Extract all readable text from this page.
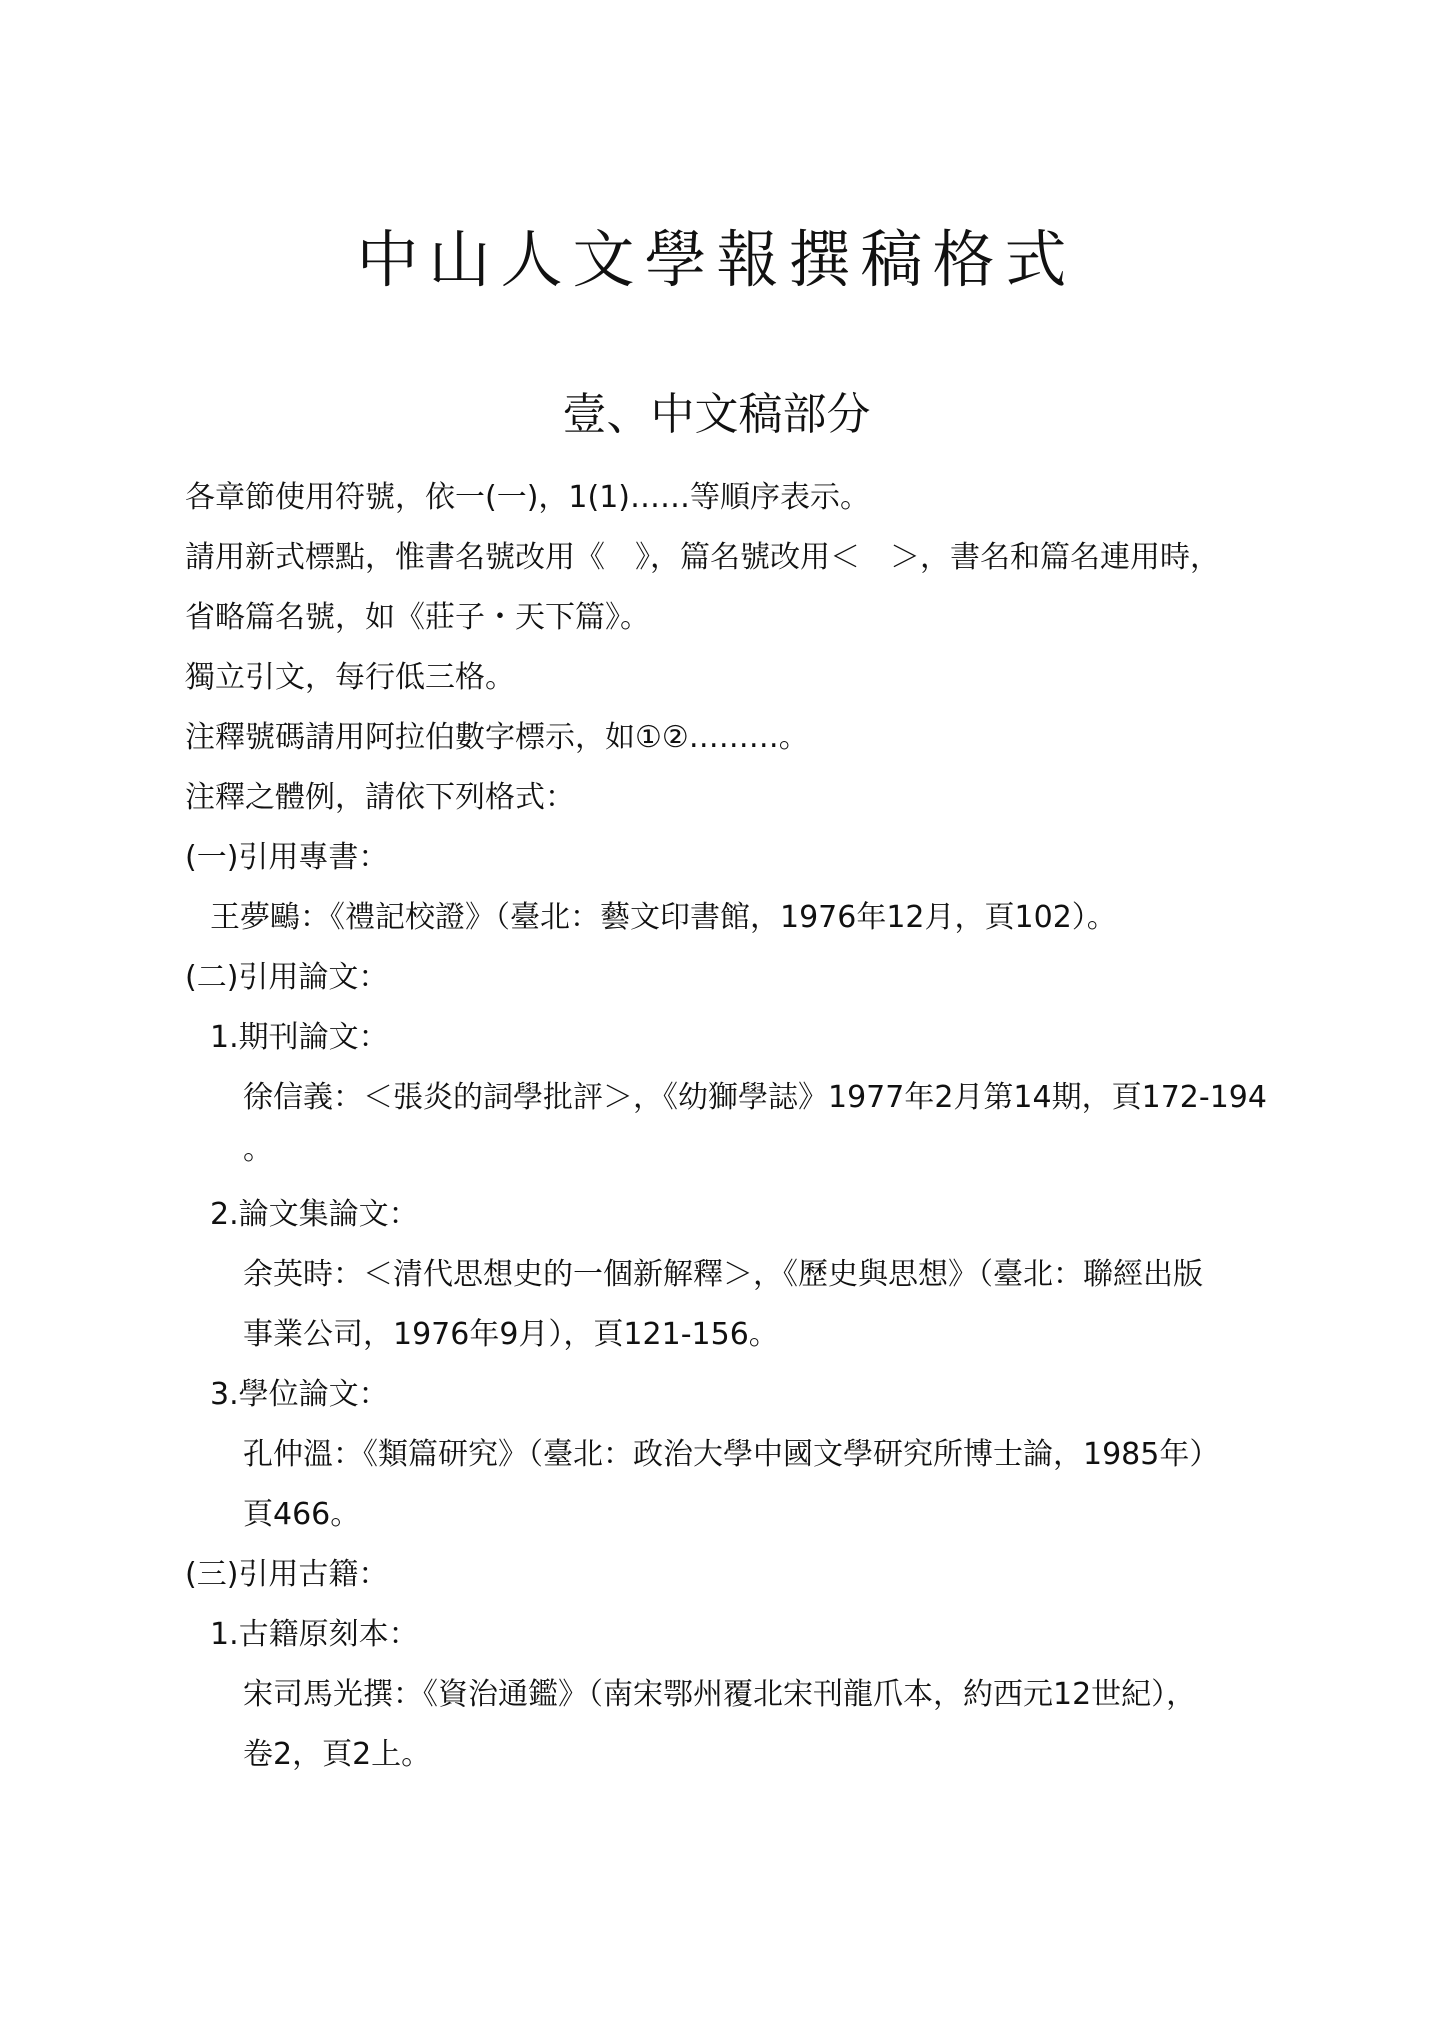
中山人文學報撰稿格式
壹、中文稿部分

各章節使用符號，依一(一)，1(1)……等順序表示。

請用新式標點，惟書名號改用《　》，篇名號改用＜　＞，書名和篇名連用時，

省略篇名號，如《莊子・天下篇》。

獨立引文，每行低三格。

注釋號碼請用阿拉伯數字標示，如①②………。

注釋之體例，請依下列格式：

(一)引用專書：

王夢鷗：《禮記校證》（臺北：藝文印書館，1976年12月，頁102）。

(二)引用論文：

1.期刊論文：

徐信義：＜張炎的詞學批評＞，《幼獅學誌》1977年2月第14期，頁172-194

。

2.論文集論文：

余英時：＜清代思想史的一個新解釋＞，《歷史與思想》（臺北：聯經出版

事業公司，1976年9月），頁121-156。

3.學位論文：

孔仲溫：《類篇研究》（臺北：政治大學中國文學研究所博士論，1985年）

頁466。

(三)引用古籍：

1.古籍原刻本：

宋司馬光撰：《資治通鑑》（南宋鄂州覆北宋刊龍爪本，約西元12世紀），

卷2，頁2上。
